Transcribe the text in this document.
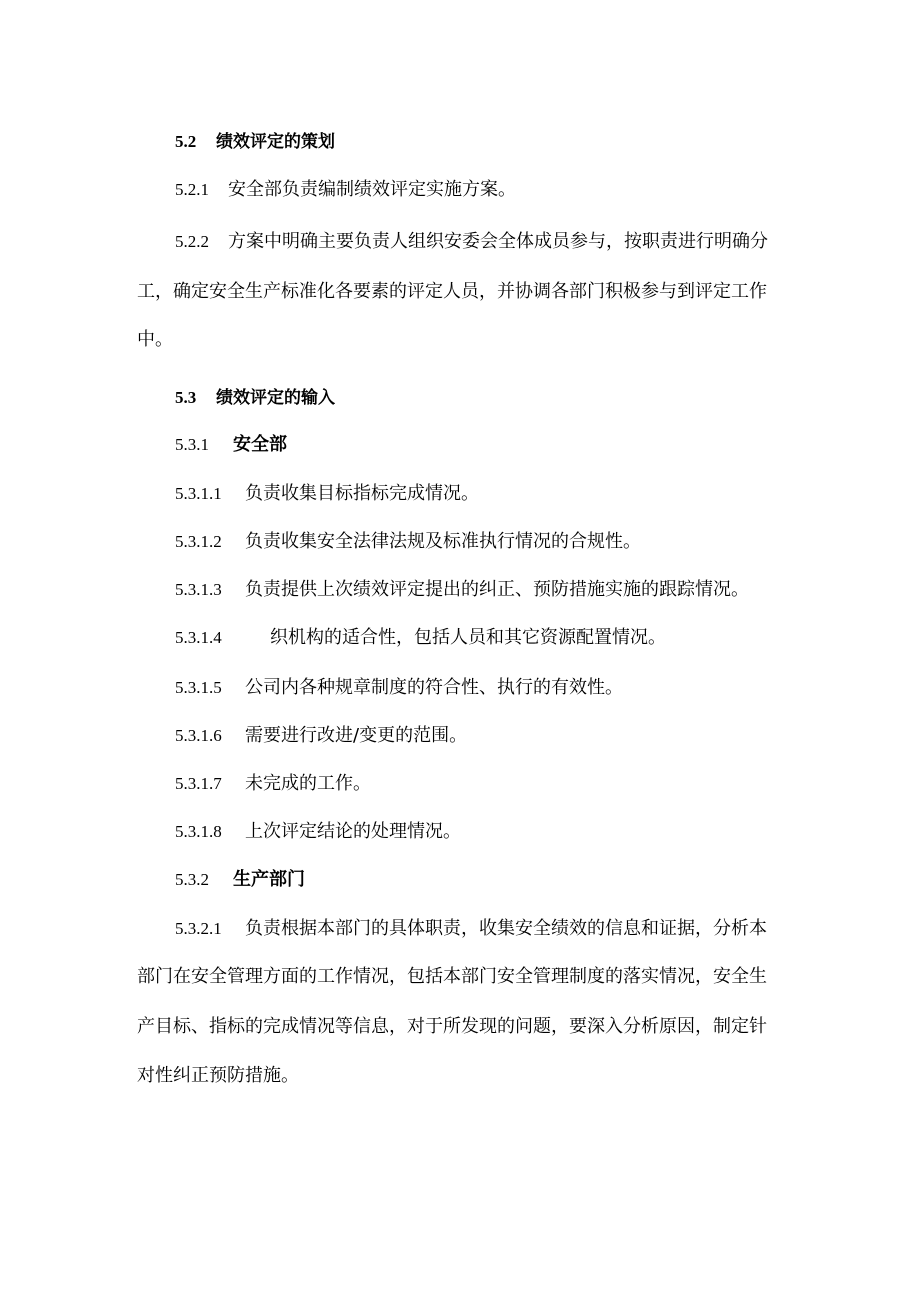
5.2 绩效评定的策划
5.2.1 安全部负责编制绩效评定实施方案。
5.2.2 方案中明确主要负责人组织安委会全体成员参与，按职责进行明确分
工，确定安全生产标准化各要素的评定人员，并协调各部门积极参与到评定工作
中。
5.3 绩效评定的输入
5.3.1 安全部
5.3.1.1 负责收集目标指标完成情况。
5.3.1.2 负责收集安全法律法规及标准执行情况的合规性。
5.3.1.3 负责提供上次绩效评定提出的纠正、预防措施实施的跟踪情况。
5.3.1.4	织机构的适合性，包括人员和其它资源配置情况。
5.3.1.5 公司内各种规章制度的符合性、执行的有效性。
5.3.1.6 需要进行改进/变更的范围。
5.3.1.7 未完成的工作。
5.3.1.8 上次评定结论的处理情况。
5.3.2 生产部门
5.3.2.1 负责根据本部门的具体职责，收集安全绩效的信息和证据，分析本
部门在安全管理方面的工作情况，包括本部门安全管理制度的落实情况，安全生
产目标、指标的完成情况等信息，对于所发现的问题，要深入分析原因，制定针
对性纠正预防措施。
